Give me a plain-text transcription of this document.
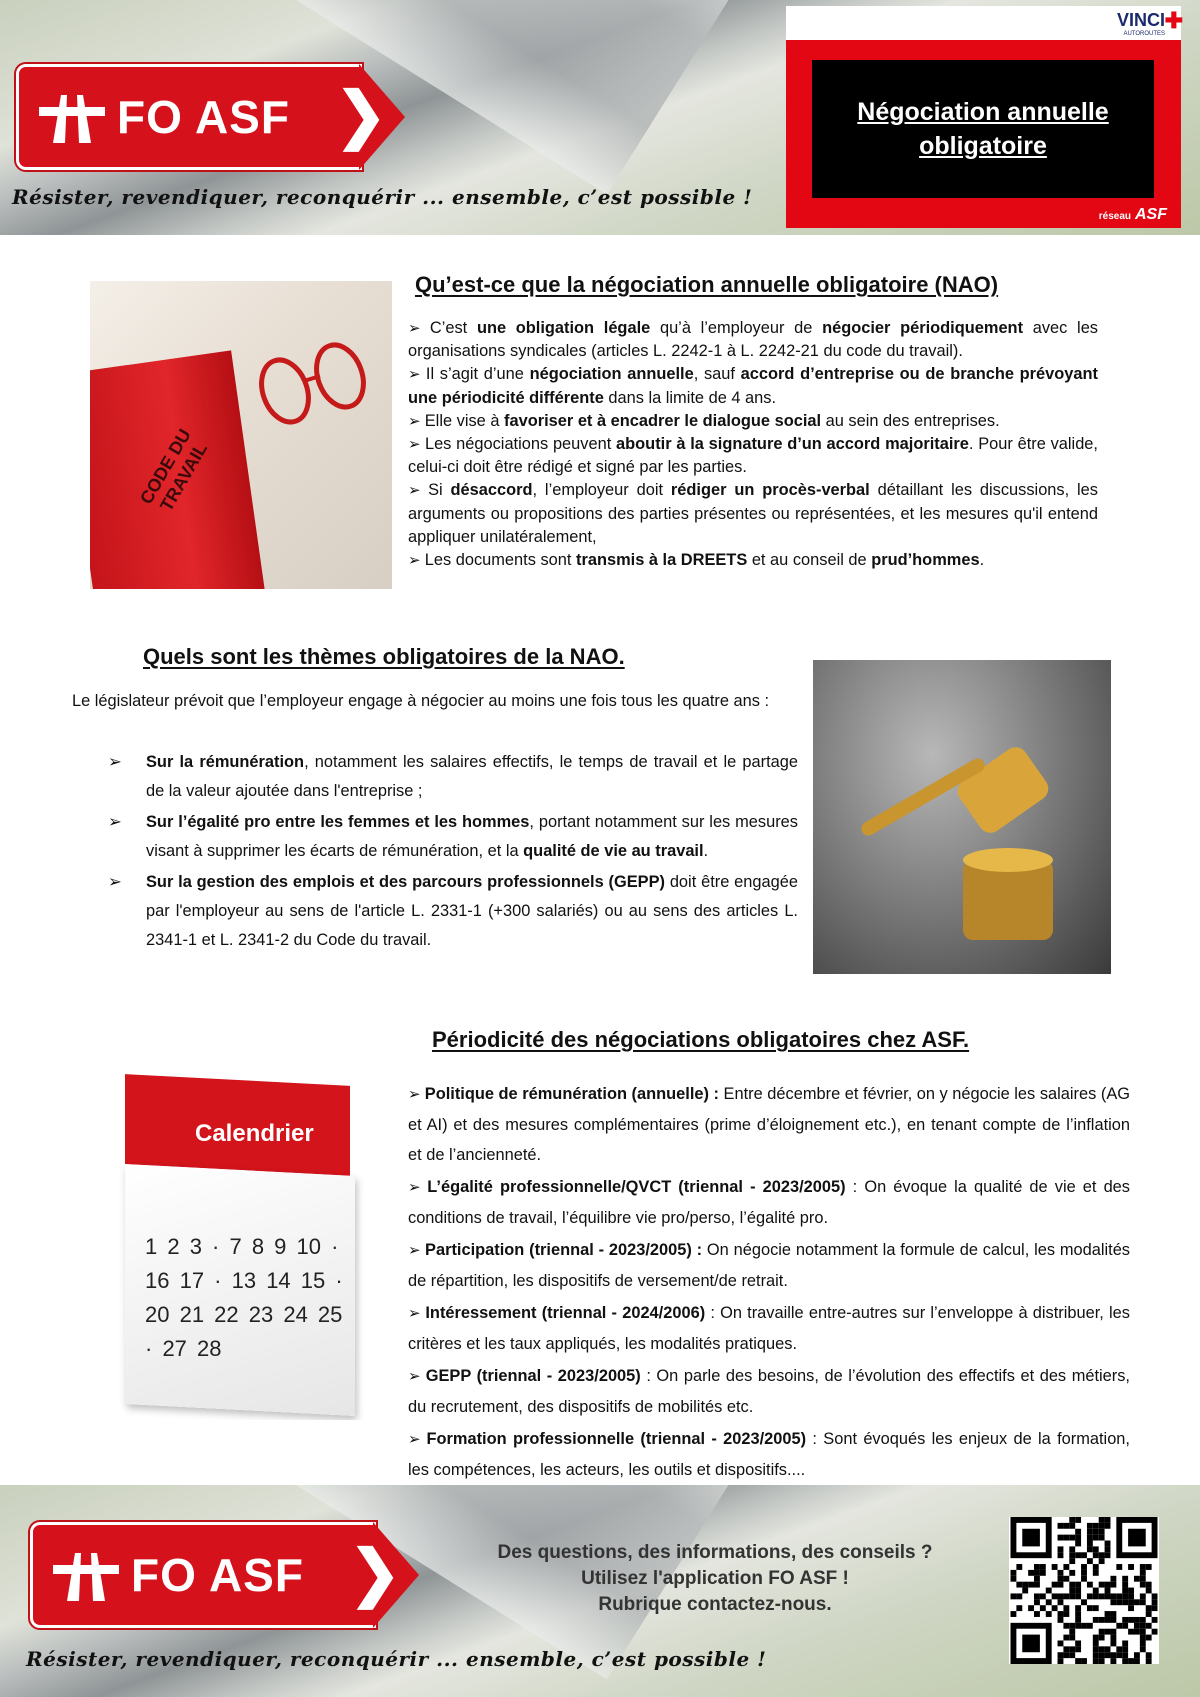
FO ASF ❯
Résister, revendiquer, reconquérir ... ensemble, c’est possible !
VINCI ✚
AUTOROUTES
Négociation annuelle
obligatoire
réseau ASF
CODE DU TRAVAIL
Qu’est-ce que la négociation annuelle obligatoire (NAO)

➢ C’est une obligation légale qu’à l’employeur de négocier périodiquement avec les organisations syndicales (articles L. 2242-1 à L. 2242-21 du code du travail).

➢ Il s’agit d’une négociation annuelle, sauf accord d’entreprise ou de branche prévoyant une périodicité différente dans la limite de 4 ans.

➢ Elle vise à favoriser et à encadrer le dialogue social au sein des entreprises.

➢ Les négociations peuvent aboutir à la signature d’un accord majoritaire. Pour être valide, celui-ci doit être rédigé et signé par les parties.

➢ Si désaccord, l’employeur doit rédiger un procès-verbal détaillant les discussions, les arguments ou propositions des parties présentes ou représentées, et les mesures qu'il entend appliquer unilatéralement,

➢ Les documents sont transmis à la DREETS et au conseil de prud’hommes.

Quels sont les thèmes obligatoires de la NAO.
Le législateur prévoit que l’employeur engage à négocier au moins une fois tous les quatre ans :
➢ Sur la rémunération, notamment les salaires effectifs, le temps de travail et le partage de la valeur ajoutée dans l'entreprise ;
➢ Sur l’égalité pro entre les femmes et les hommes, portant notamment sur les mesures visant à supprimer les écarts de rémunération, et la qualité de vie au travail.
➢ Sur la gestion des emplois et des parcours professionnels (GEPP) doit être engagée par l'employeur au sens de l'article L. 2331-1 (+300 salariés) ou au sens des articles L. 2341-1 et L. 2341-2 du Code du travail.
Périodicité des négociations obligatoires chez ASF.
Calendrier
1 2 3 · 7 8 9 10 · 16 17 · 13 14 15 · 20 21 22 23 24 25 · 27 28

➢ Politique de rémunération (annuelle) : Entre décembre et février, on y négocie les salaires (AG et AI) et des mesures complémentaires (prime d’éloignement etc.), en tenant compte de l’inflation et de l’ancienneté.

➢ L’égalité professionnelle/QVCT (triennal - 2023/2005) : On évoque la qualité de vie et des conditions de travail, l’équilibre vie pro/perso, l’égalité pro.

➢ Participation (triennal - 2023/2005) : On négocie notamment la formule de calcul, les modalités de répartition, les dispositifs de versement/de retrait.

➢ Intéressement (triennal - 2024/2006) : On travaille entre-autres sur l’enveloppe à distribuer, les critères et les taux appliqués, les modalités pratiques.

➢ GEPP (triennal - 2023/2005) : On parle des besoins, de l’évolution des effectifs et des métiers, du recrutement, des dispositifs de mobilités etc.

➢ Formation professionnelle (triennal - 2023/2005) : Sont évoqués les enjeux de la formation, les compétences, les acteurs, les outils et dispositifs....

FO ASF ❯	Des questions, des informations, des conseils ?
Utilisez l'application FO ASF !
Rubrique contactez-nous.
Résister, revendiquer, reconquérir ... ensemble, c’est possible !
